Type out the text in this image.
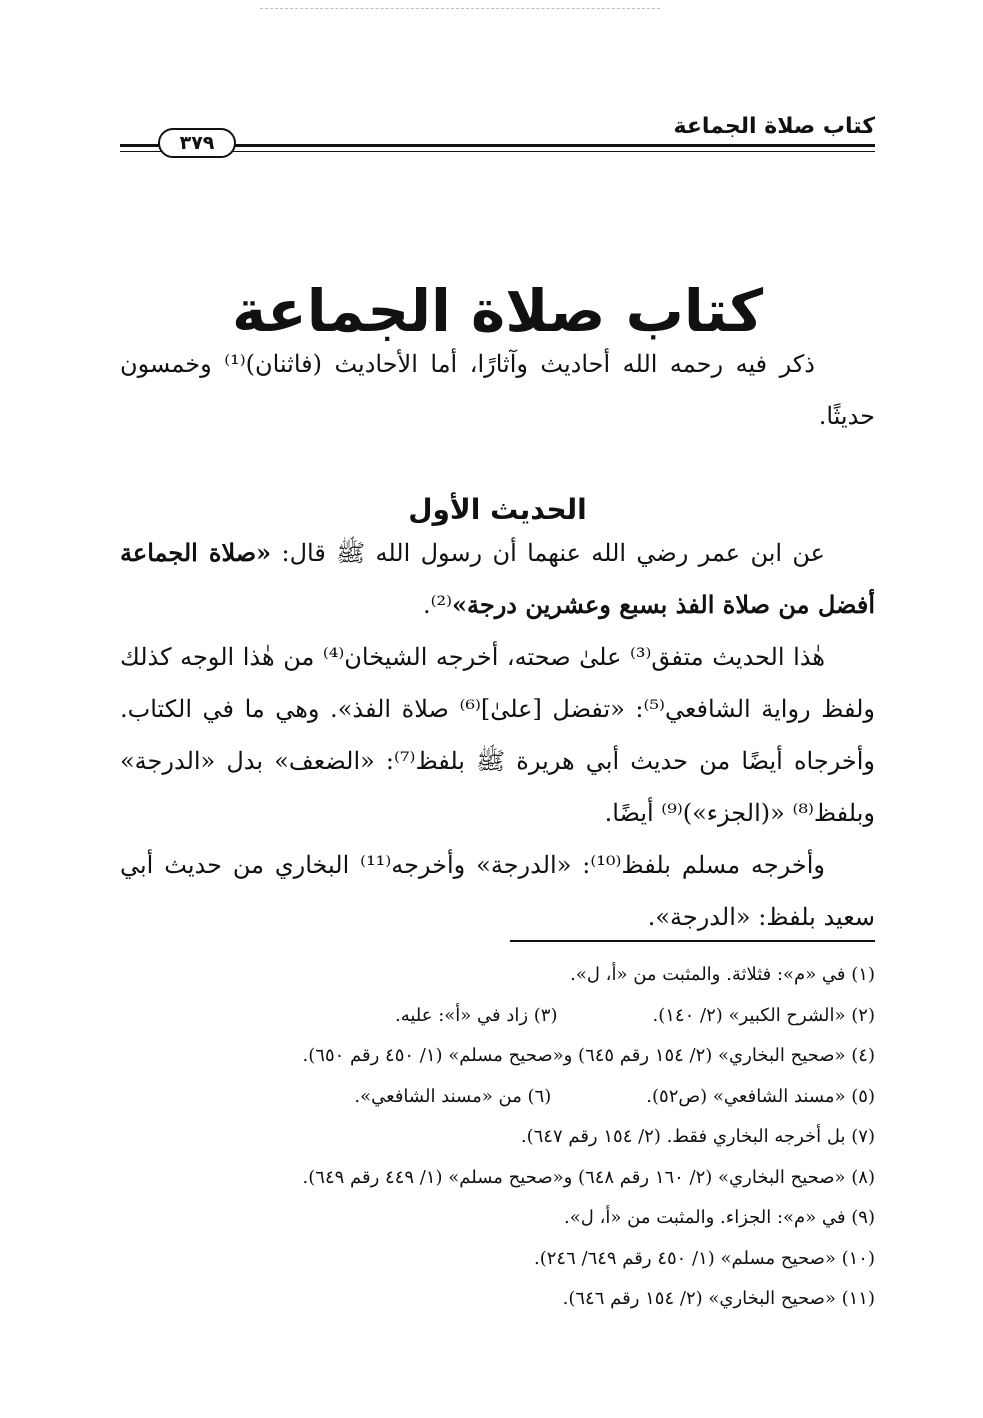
كتاب صلاة الجماعة
٣٧٩
كتاب صلاة الجماعة
ذكر فيه رحمه الله أحاديث وآثارًا، أما الأحاديث (فاثنان)⁽¹⁾ وخمسون حديثًا.
الحديث الأول

عن ابن عمر رضي الله عنهما أن رسول الله ﷺ قال: «صلاة الجماعة أفضل من صلاة الفذ بسبع وعشرين درجة»⁽²⁾.

هٰذا الحديث متفق⁽³⁾ علىٰ صحته، أخرجه الشيخان⁽⁴⁾ من هٰذا الوجه كذلك ولفظ رواية الشافعي⁽⁵⁾: «تفضل [علىٰ]⁽⁶⁾ صلاة الفذ». وهي ما في الكتاب. وأخرجاه أيضًا من حديث أبي هريرة ﷺ بلفظ⁽⁷⁾: «الضعف» بدل «الدرجة» وبلفظ⁽⁸⁾ «(الجزء»)⁽⁹⁾ أيضًا.

وأخرجه مسلم بلفظ⁽¹⁰⁾: «الدرجة» وأخرجه⁽¹¹⁾ البخاري من حديث أبي سعيد بلفظ: «الدرجة».

(١) في «م»: فثلاثة. والمثبت من «أ، ل».
(٢) «الشرح الكبير» (٢/ ١٤٠).(٣) زاد في «أ»: عليه.
(٤) «صحيح البخاري» (٢/ ١٥٤ رقم ٦٤٥) و«صحيح مسلم» (١/ ٤٥٠ رقم ٦٥٠).
(٥) «مسند الشافعي» (ص٥٢).(٦) من «مسند الشافعي».
(٧) بل أخرجه البخاري فقط. (٢/ ١٥٤ رقم ٦٤٧).
(٨) «صحيح البخاري» (٢/ ١٦٠ رقم ٦٤٨) و«صحيح مسلم» (١/ ٤٤٩ رقم ٦٤٩).
(٩) في «م»: الجزاء. والمثبت من «أ، ل».
(١٠) «صحيح مسلم» (١/ ٤٥٠ رقم ٦٤٩/ ٢٤٦).
(١١) «صحيح البخاري» (٢/ ١٥٤ رقم ٦٤٦).
